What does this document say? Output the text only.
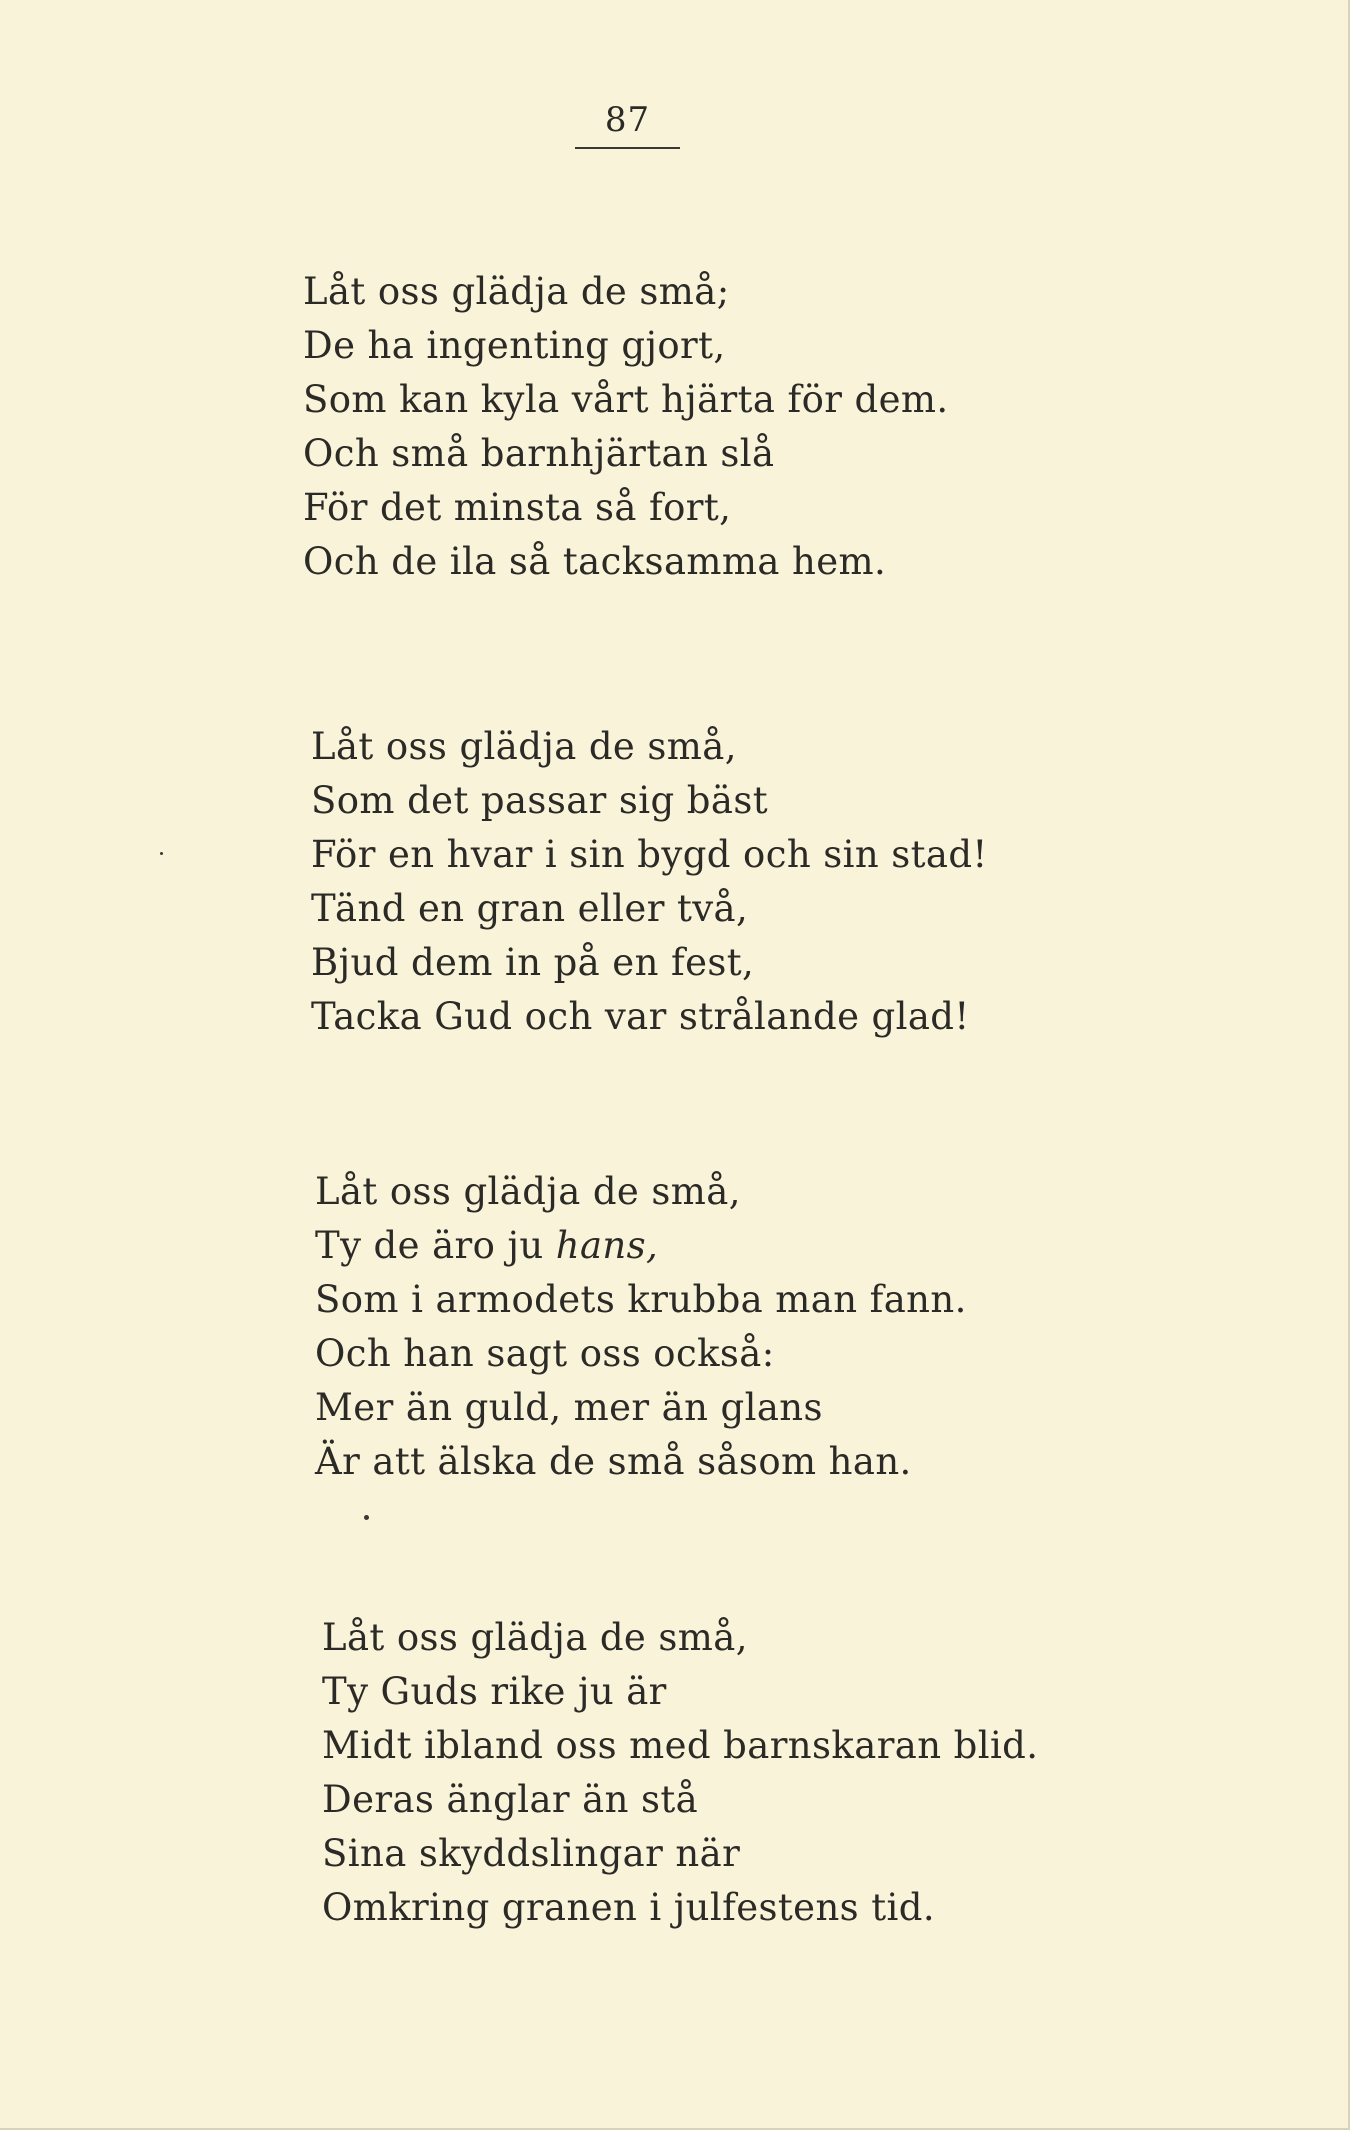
87
Låt oss glädja de små;
De ha ingenting gjort,
Som kan kyla vårt hjärta för dem.
Och små barnhjärtan slå
För det minsta så fort,
Och de ila så tacksamma hem.
Låt oss glädja de små,
Som det passar sig bäst
För en hvar i sin bygd och sin stad!
Tänd en gran eller två,
Bjud dem in på en fest,
Tacka Gud och var strålande glad!
Låt oss glädja de små,
Ty de äro ju hans,
Som i armodets krubba man fann.
Och han sagt oss också:
Mer än guld, mer än glans
Är att älska de små såsom han.
Låt oss glädja de små,
Ty Guds rike ju är
Midt ibland oss med barnskaran blid.
Deras änglar än stå
Sina skyddslingar när
Omkring granen i julfestens tid.
